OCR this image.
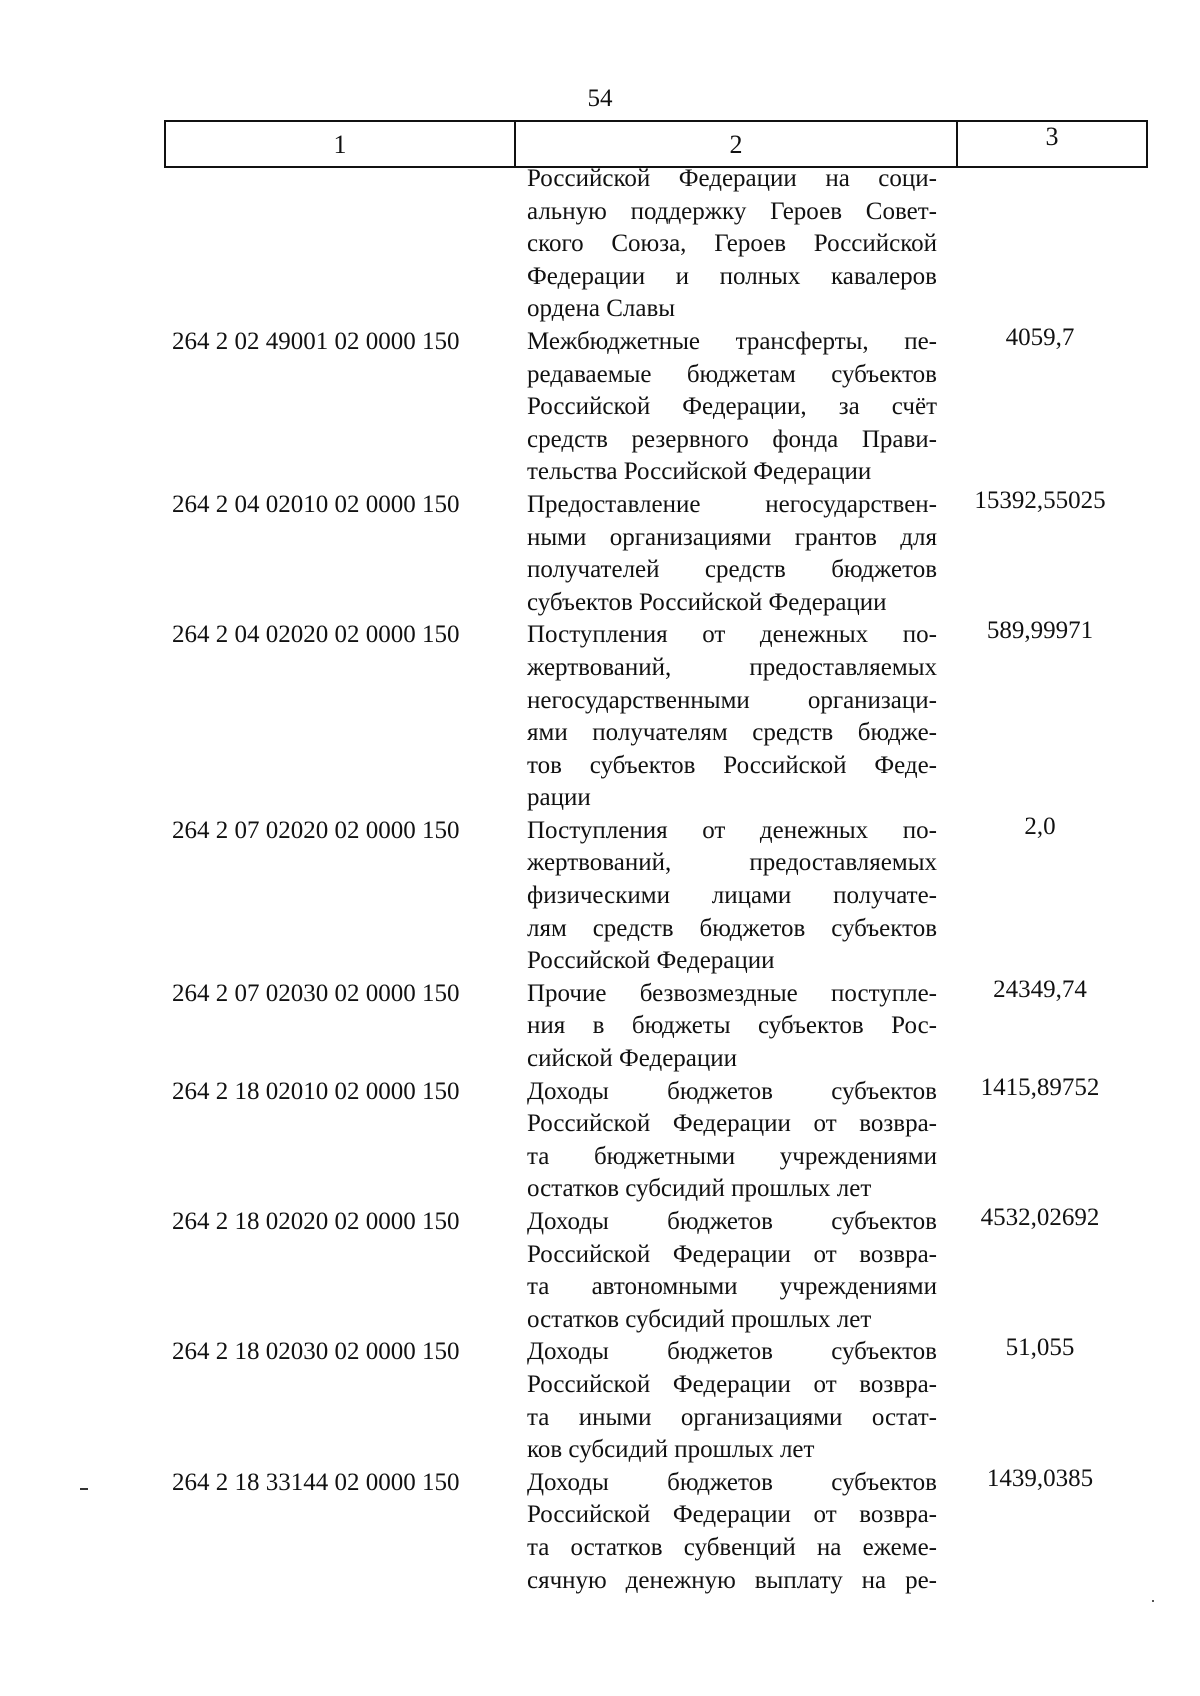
54
1	2	3
Российской Федерации на соци-
альную поддержку Героев Совет-
ского Союза, Героев Российской
Федерации и полных кавалеров
ордена Славы
264 2 02 49001 02 0000 150	Межбюджетные трансферты, пе-
редаваемые бюджетам субъектов
Российской Федерации, за счёт
средств резервного фонда Прави-
тельства Российской Федерации
4059,7
264 2 04 02010 02 0000 150	Предоставление негосударствен-
ными организациями грантов для
получателей средств бюджетов
субъектов Российской Федерации
15392,55025
264 2 04 02020 02 0000 150	Поступления от денежных по-
жертвований, предоставляемых
негосударственными организаци-
ями получателям средств бюдже-
тов субъектов Российской Феде-
рации
589,99971
264 2 07 02020 02 0000 150	Поступления от денежных по-
жертвований, предоставляемых
физическими лицами получате-
лям средств бюджетов субъектов
Российской Федерации
2,0
264 2 07 02030 02 0000 150	Прочие безвозмездные поступле-
ния в бюджеты субъектов Рос-
сийской Федерации
24349,74
264 2 18 02010 02 0000 150	Доходы бюджетов субъектов
Российской Федерации от возвра-
та бюджетными учреждениями
остатков субсидий прошлых лет
1415,89752
264 2 18 02020 02 0000 150	Доходы бюджетов субъектов
Российской Федерации от возвра-
та автономными учреждениями
остатков субсидий прошлых лет
4532,02692
264 2 18 02030 02 0000 150	Доходы бюджетов субъектов
Российской Федерации от возвра-
та иными организациями остат-
ков субсидий прошлых лет
51,055
264 2 18 33144 02 0000 150	Доходы бюджетов субъектов
Российской Федерации от возвра-
та остатков субвенций на ежеме-
сячную денежную выплату на ре-
1439,0385
